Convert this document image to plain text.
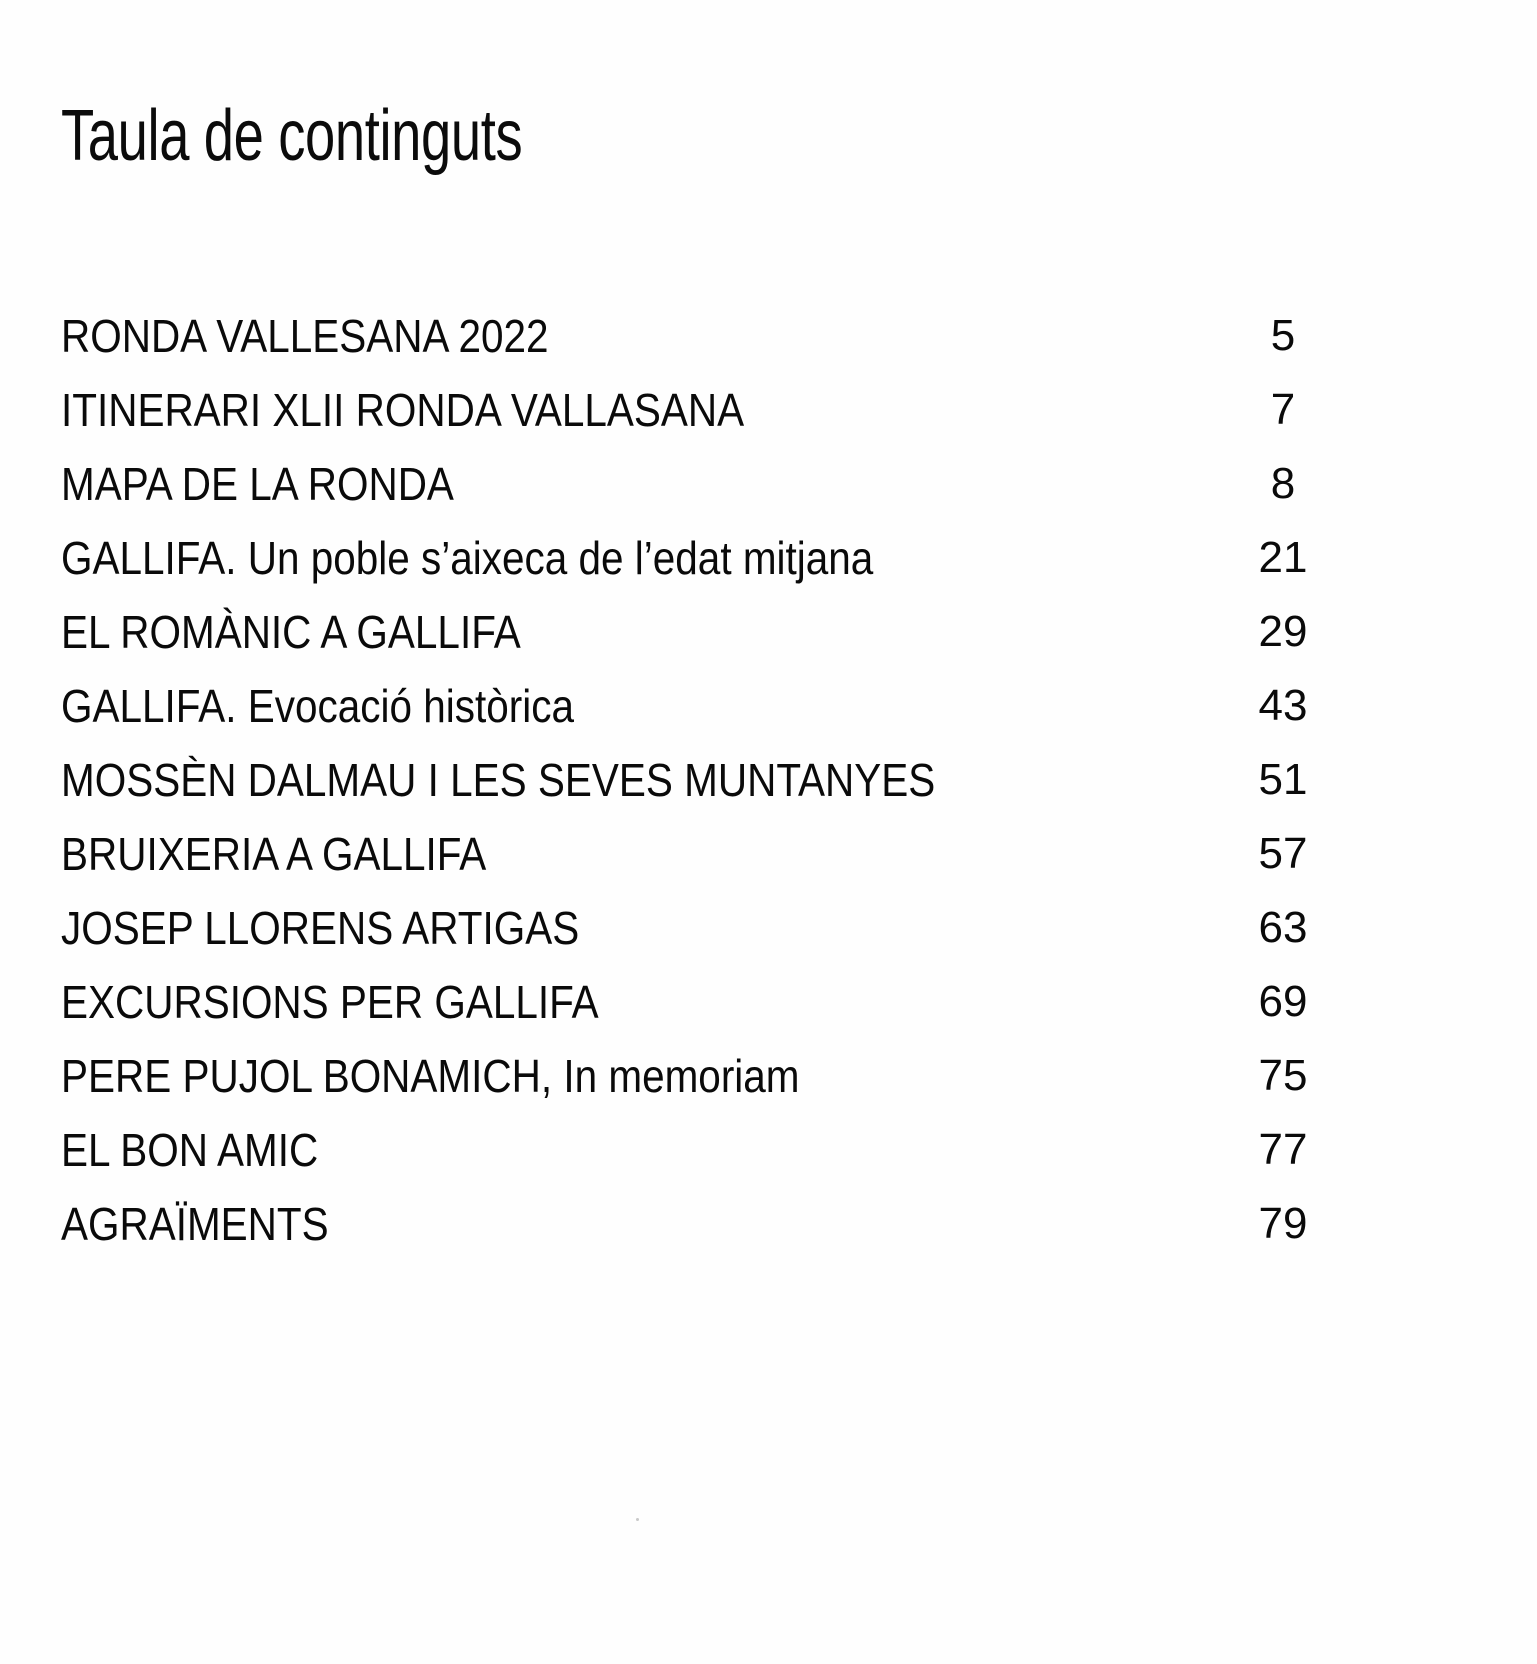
Taula de continguts
RONDA VALLESANA 2022	5
ITINERARI XLII RONDA VALLASANA	7
MAPA DE LA RONDA	8
GALLIFA. Un poble s’aixeca de l’edat mitjana	21
EL ROMÀNIC A GALLIFA	29
GALLIFA. Evocació històrica	43
MOSSÈN DALMAU I LES SEVES MUNTANYES	51
BRUIXERIA A GALLIFA	57
JOSEP LLORENS ARTIGAS	63
EXCURSIONS PER GALLIFA	69
PERE PUJOL BONAMICH, In memoriam	75
EL BON AMIC	77
AGRAÏMENTS	79
